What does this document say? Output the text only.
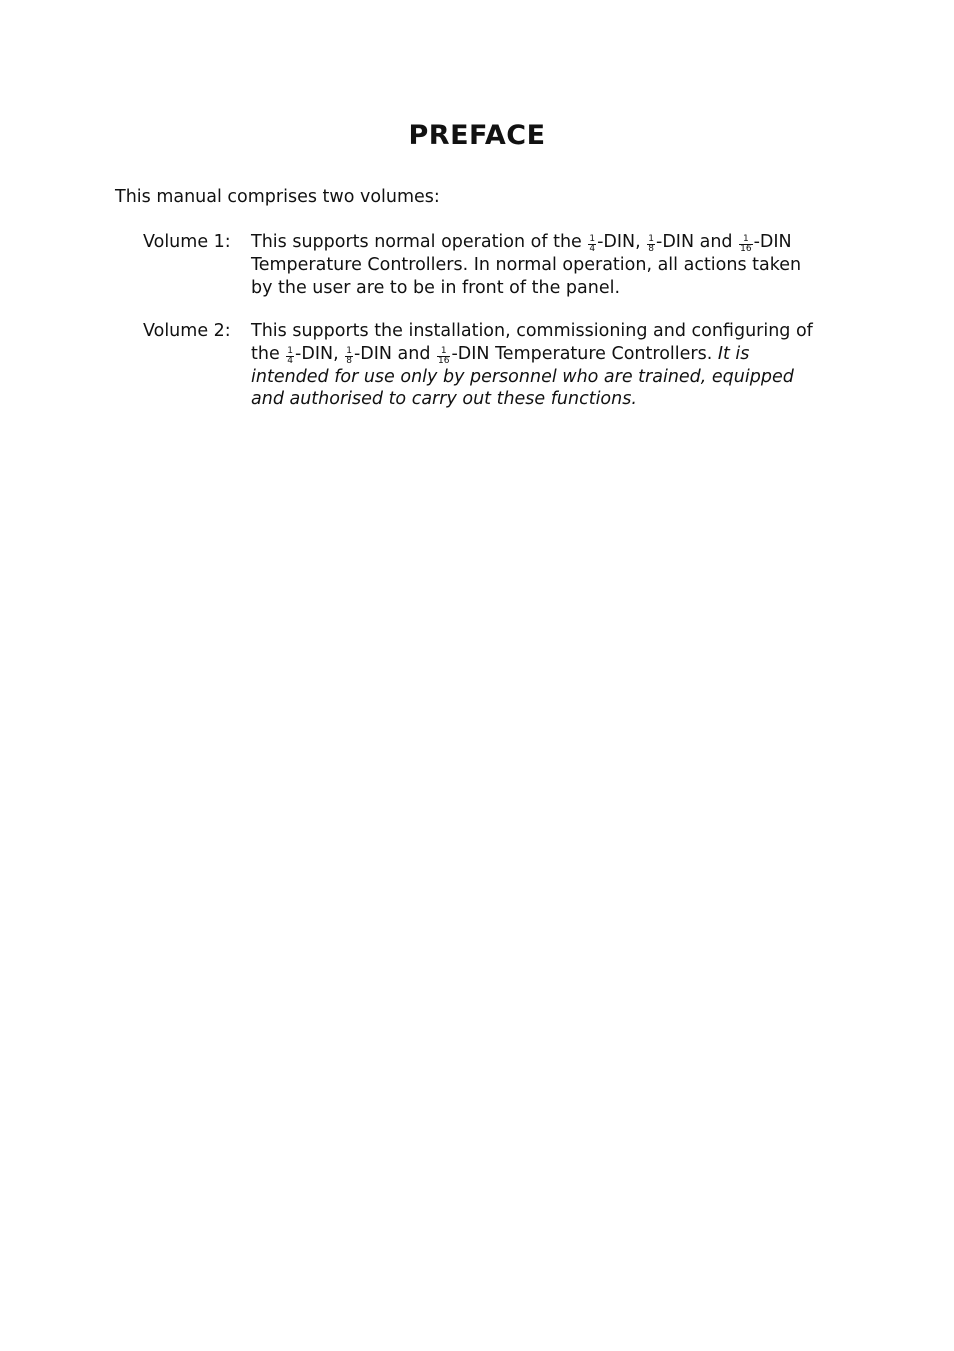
PREFACE

This manual comprises two volumes:

Volume 1:	This supports normal operation of the $\frac{1}{4} -DIN$, $\frac{1}{8} -DIN$ and $\frac{1}{16} -DIN$ Temperature Controllers. In normal operation, all actions taken by the user are to be in front of the panel.
Volume 2:	This supports the installation, commissioning and configuring of the $\frac{1}{4} -DIN$, $\frac{1}{8} -DIN$ and $\frac{1}{16} -DIN$ Temperature Controllers. It is intended for use only by personnel who are trained, equipped and authorised to carry out these functions.
